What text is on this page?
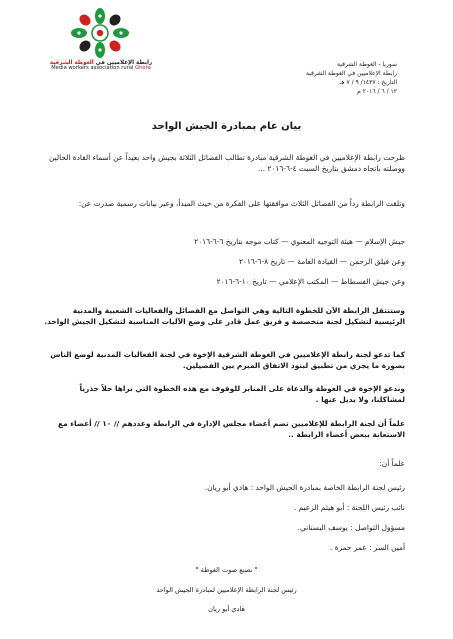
رابطة الإعلاميين في الغوطة الشرقية
Media workers association rural Ghota
سوريا - الغوطة الشرقية
رابطة الإعلاميين في الغوطة الشرقية
التاريخ : ١٤٣٧/ ٩ / ٧ هـ
١٢ / ٦ / ٢٠١٦ م
بيان عام بمبادرة الجيش الواحد
طرحت رابطة الإعلاميين في الغوطة الشرقية مبادرة تطالب الفصائل الثلاثة بجيش واحد بعيداً عن أسماء القادة الحالين ووصلته باتجاه دمشق بتاريخ السبت ٤-٦-٢٠١٦ ...
وتلقت الرابطة رداً من الفصائل الثلاث موافقتها على الفكرة من حيث المبدأ، وعبر بيانات رسمية صدرت عن:
جيش الإسلام — هيئة التوجيه المعنوي — كتاب موجه بتاريخ ٦-٦-٢٠١٦
وعن فيلق الرحمن — القيادة العامة — تاريخ ٨-٦-٢٠١٦
وعن جيش الفسطاط — المكتب الإعلامي — تاريخ ١٠-٦-٢٠١٦
وستنتقل الرابطة الآن للخطوة التالية وهي التواصل مع الفصائل والفعاليات الشعبية والمدنية الرئيسية لتشكيل لجنة متخصصة و فريق عمل قادر على وضع الآليات المناسبة لتشكيل الجيش الواحد.
كما تدعو لجنة رابطة الإعلاميين في الغوطة الشرقية الإخوة في لجنة الفعاليات المدنية لوضع الناس بصورة ما يجري من تطبيق لبنود الاتفاق المبرم بين الفصيلين.
وندعو الإخوة في الغوطة والدعاة على المنابر للوقوف مع هذه الخطوة التي نراها حلاً جذرياً لمشاكلنا، ولا بديل عنها .
علماً أن لجنة الرابطة للإعلاميين تضم أعضاء مجلس الإدارة في الرابطة وعددهم // ١٠ // أعضاء مع الاستعانة ببعض أعضاء الرابطة ..
علماً أن:
رئيس لجنة الرابطة الخاصة بمبادرة الجيش الواحد : هادي أبو ريان.
نائب رئيس اللجنة : أبو هيثم الزعيم .
مسؤول التواصل : يوسف البستاني.
أمين السر : عمر حمزة .
" نصنع صوت الغوطة "
رئيس لجنة الرابطة الإعلاميين لمبادرة الجيش الواحد
هادي أبو ريان
